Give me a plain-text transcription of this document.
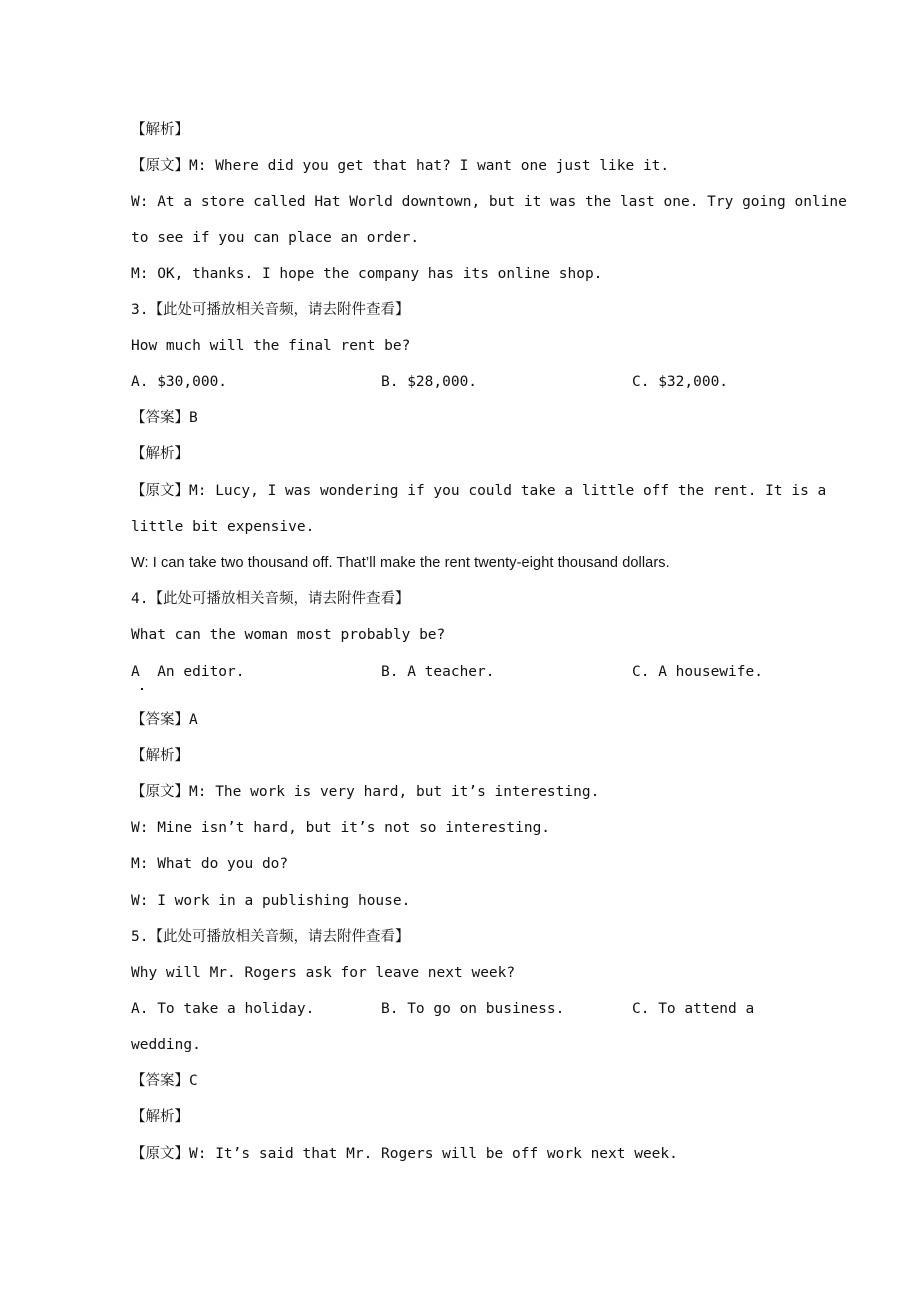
【解析】
【原文】M: Where did you get that hat? I want one just like it.
W: At a store called Hat World downtown, but it was the last one. Try going online
to see if you can place an order.
M: OK, thanks. I hope the company has its online shop.
3.【此处可播放相关音频，请去附件查看】
How much will the final rent be?
A. $30,000.	B. $28,000.	C. $32,000.
【答案】B
【解析】
【原文】M: Lucy, I was wondering if you could take a little off the rent. It is a
little bit expensive.
W: I can take two thousand off. That’ll make the rent twenty-eight thousand dollars.
4.【此处可播放相关音频，请去附件查看】
What can the woman most probably be?
A  An editor.	B. A teacher.	C. A housewife.
【答案】A
【解析】
【原文】M: The work is very hard, but it’s interesting.
W: Mine isn’t hard, but it’s not so interesting.
M: What do you do?
W: I work in a publishing house.
5.【此处可播放相关音频，请去附件查看】
Why will Mr. Rogers ask for leave next week?
A. To take a holiday.	B. To go on business.	C. To attend a
wedding.
【答案】C
【解析】
【原文】W: It’s said that Mr. Rogers will be off work next week.
